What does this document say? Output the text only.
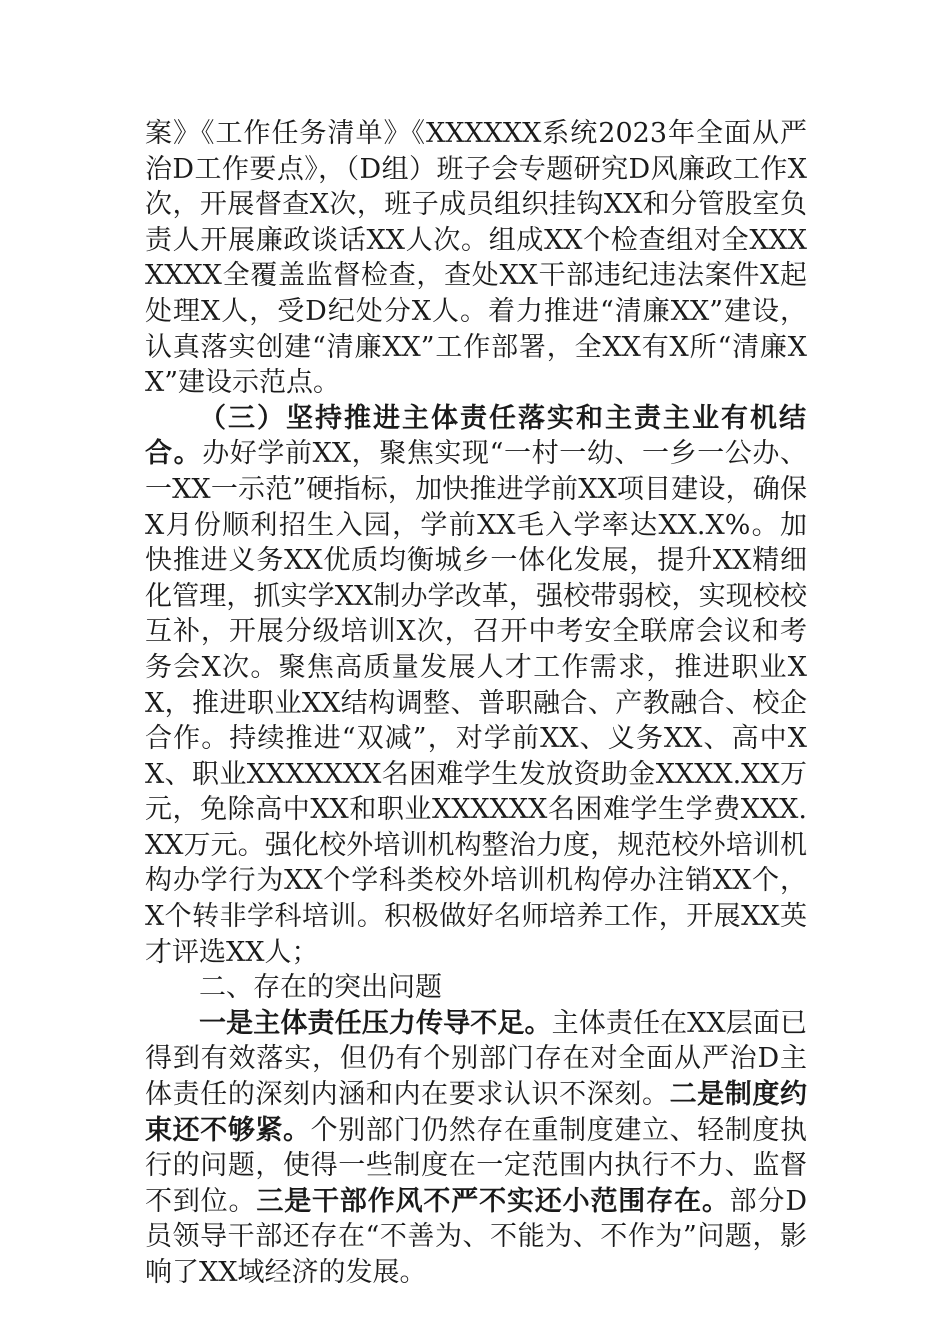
案》《工作任务清单》《XXXXXX系统2023年全面从严治D工作要点》，（D组）班子会专题研究D风廉政工作X次，开展督查X次，班子成员组织挂钩XX和分管股室负责人开展廉政谈话XX人次。组成XX个检查组对全XXXXXXX全覆盖监督检查，查处XX干部违纪违法案件X起处理X人，受D纪处分X人。着力推进“清廉XX”建设，认真落实创建“清廉XX”工作部署，全XX有X所“清廉XX”建设示范点。

（三）坚持推进主体责任落实和主责主业有机结合。办好学前XX，聚焦实现“一村一幼、一乡一公办、一XX一示范”硬指标，加快推进学前XX项目建设，确保X月份顺利招生入园，学前XX毛入学率达XX.X%。加快推进义务XX优质均衡城乡一体化发展，提升XX精细化管理，抓实学XX制办学改革，强校带弱校，实现校校互补，开展分级培训X次，召开中考安全联席会议和考务会X次。聚焦高质量发展人才工作需求，推进职业XX，推进职业XX结构调整、普职融合、产教融合、校企合作。持续推进“双减”，对学前XX、义务XX、高中XX、职业XXXXXXX名困难学生发放资助金XXXX.XX万元，免除高中XX和职业XXXXXX名困难学生学费XXX.XX万元。强化校外培训机构整治力度，规范校外培训机构办学行为XX个学科类校外培训机构停办注销XX个，X个转非学科培训。积极做好名师培养工作，开展XX英才评选XX人；

二、存在的突出问题

一是主体责任压力传导不足。主体责任在XX层面已得到有效落实，但仍有个别部门存在对全面从严治D主体责任的深刻内涵和内在要求认识不深刻。二是制度约束还不够紧。个别部门仍然存在重制度建立、轻制度执行的问题，使得一些制度在一定范围内执行不力、监督不到位。三是干部作风不严不实还小范围存在。部分D员领导干部还存在“不善为、不能为、不作为”问题，影响了XX域经济的发展。
